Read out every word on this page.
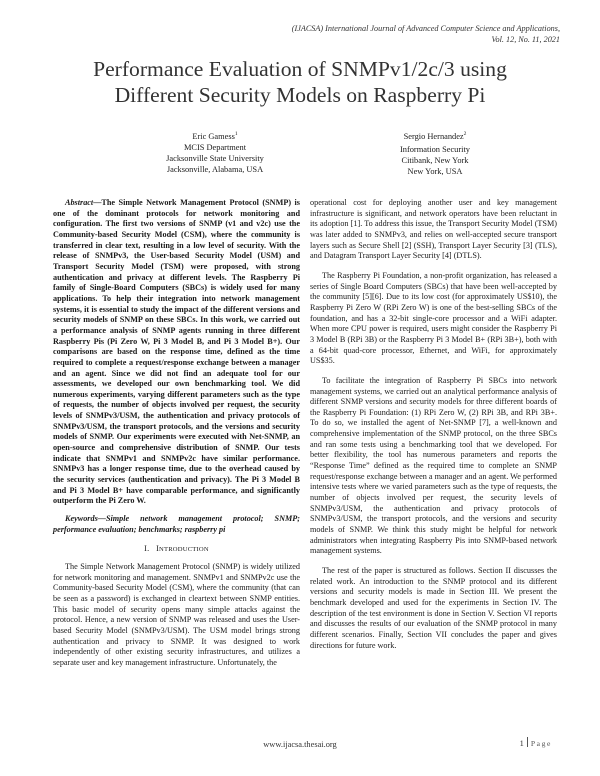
(IJACSA) International Journal of Advanced Computer Science and Applications,
Vol. 12, No. 11, 2021
Performance Evaluation of SNMPv1/2c/3 using
Different Security Models on Raspberry Pi
Eric Gamess$^1$
MCIS Department
Jacksonville State University
Jacksonville, Alabama, USA
Sergio Hernandez$^2$
Information Security
Citibank, New York
New York, USA

Abstract—The Simple Network Management Protocol (SNMP) is one of the dominant protocols for network monitoring and configuration. The first two versions of SNMP (v1 and v2c) use the Community-based Security Model (CSM), where the community is transferred in clear text, resulting in a low level of security. With the release of SNMPv3, the User-based Security Model (USM) and Transport Security Model (TSM) were proposed, with strong authentication and privacy at different levels. The Raspberry Pi family of Single-Board Computers (SBCs) is widely used for many applications. To help their integration into network management systems, it is essential to study the impact of the different versions and security models of SNMP on these SBCs. In this work, we carried out a performance analysis of SNMP agents running in three different Raspberry Pis (Pi Zero W, Pi 3 Model B, and Pi 3 Model B+). Our comparisons are based on the response time, defined as the time required to complete a request/response exchange between a manager and an agent. Since we did not find an adequate tool for our assessments, we developed our own benchmarking tool. We did numerous experiments, varying different parameters such as the type of requests, the number of objects involved per request, the security levels of SNMPv3/USM, the authentication and privacy protocols of SNMPv3/USM, the transport protocols, and the versions and security models of SNMP. Our experiments were executed with Net-SNMP, an open-source and comprehensive distribution of SNMP. Our tests indicate that SNMPv1 and SNMPv2c have similar performance. SNMPv3 has a longer response time, due to the overhead caused by the security services (authentication and privacy). The Pi 3 Model B and Pi 3 Model B+ have comparable performance, and significantly outperform the Pi Zero W.

Keywords—Simple network management protocol; SNMP; performance evaluation; benchmarks; raspberry pi

I. INTRODUCTION

The Simple Network Management Protocol (SNMP) is widely utilized for network monitoring and management. SNMPv1 and SNMPv2c use the Community-based Security Model (CSM), where the community (that can be seen as a password) is exchanged in cleartext between SNMP entities. This basic model of security opens many simple attacks against the protocol. Hence, a new version of SNMP was released and uses the User-based Security Model (SNMPv3/USM). The USM model brings strong authentication and privacy to SNMP. It was designed to work independently of other existing security infrastructures, and utilizes a separate user and key management infrastructure. Unfortunately, the

operational cost for deploying another user and key management infrastructure is significant, and network operators have been reluctant in its adoption [1]. To address this issue, the Transport Security Model (TSM) was later added to SNMPv3, and relies on well-accepted secure transport layers such as Secure Shell [2] (SSH), Transport Layer Security [3] (TLS), and Datagram Transport Layer Security [4] (DTLS).

The Raspberry Pi Foundation, a non-profit organization, has released a series of Single Board Computers (SBCs) that have been well-accepted by the community [5][6]. Due to its low cost (for approximately US$10), the Raspberry Pi Zero W (RPi Zero W) is one of the best-selling SBCs of the foundation, and has a 32-bit single-core processor and a WiFi adapter. When more CPU power is required, users might consider the Raspberry Pi 3 Model B (RPi 3B) or the Raspberry Pi 3 Model B+ (RPi 3B+), both with a 64-bit quad-core processor, Ethernet, and WiFi, for approximately US$35.

To facilitate the integration of Raspberry Pi SBCs into network management systems, we carried out an analytical performance analysis of different SNMP versions and security models for three different boards of the Raspberry Pi Foundation: (1) RPi Zero W, (2) RPi 3B, and RPi 3B+. To do so, we installed the agent of Net-SNMP [7], a well-known and comprehensive implementation of the SNMP protocol, on the three SBCs and ran some tests using a benchmarking tool that we developed. For better flexibility, the tool has numerous parameters and reports the “Response Time” defined as the required time to complete an SNMP request/response exchange between a manager and an agent. We performed intensive tests where we varied parameters such as the type of requests, the number of objects involved per request, the security levels of SNMPv3/USM, the authentication and privacy protocols of SNMPv3/USM, the transport protocols, and the versions and security models of SNMP. We think this study might be helpful for network administrators when integrating Raspberry Pis into SNMP-based network management systems.

The rest of the paper is structured as follows. Section II discusses the related work. An introduction to the SNMP protocol and its different versions and security models is made in Section III. We present the benchmark developed and used for the experiments in Section IV. The description of the test environment is done in Section V. Section VI reports and discusses the results of our evaluation of the SNMP protocol in many different scenarios. Finally, Section VII concludes the paper and gives directions for future work.

www.ijacsa.thesai.org	1 Page
